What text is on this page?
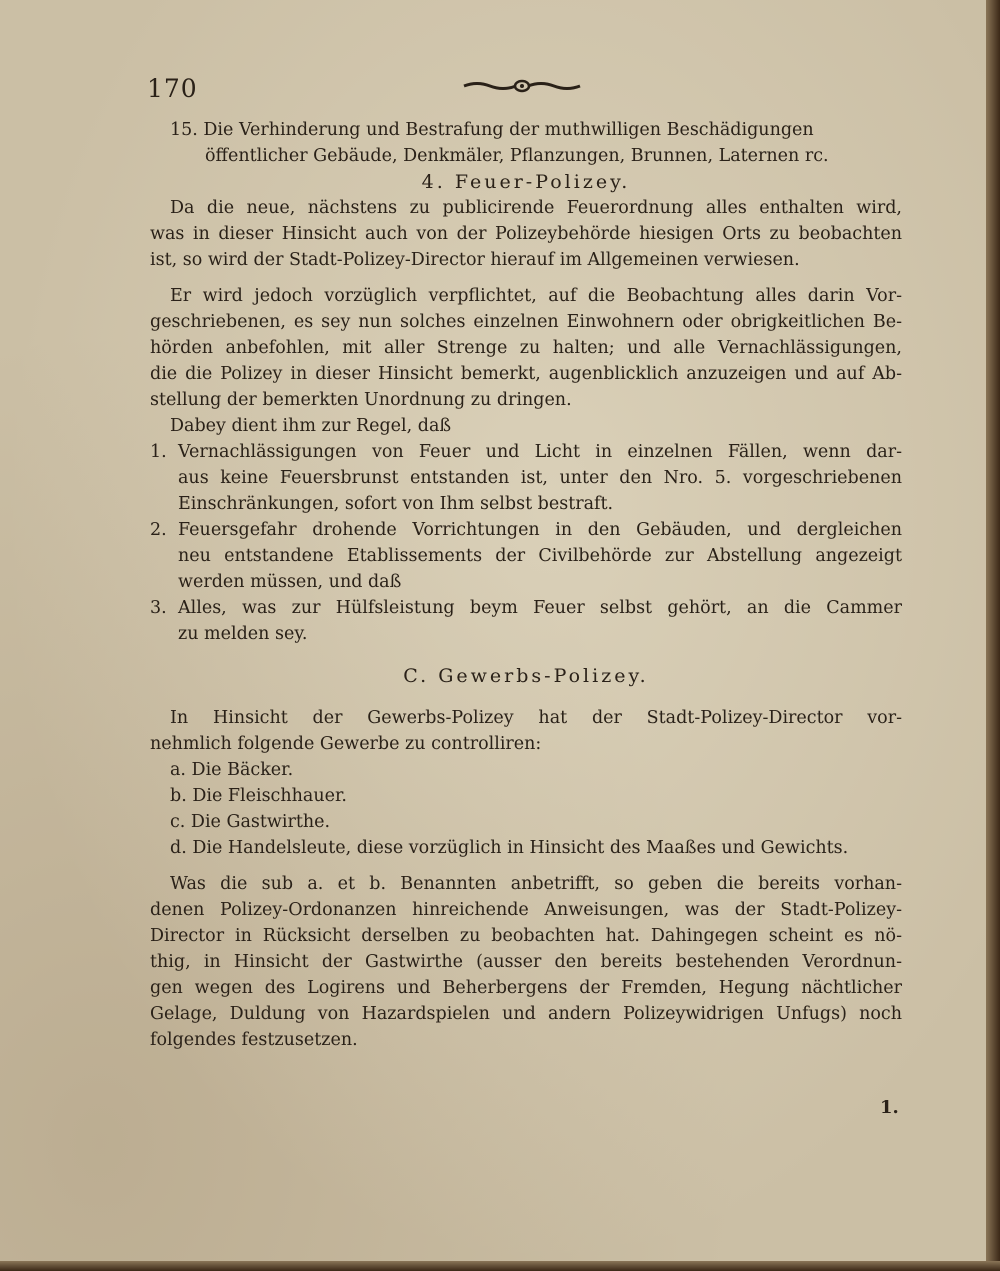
170
15. Die Verhinderung und Bestrafung der muthwilligen Beschädigungen
öffentlicher Gebäude, Denkmäler, Pflanzungen, Brunnen, Laternen rc.
4. Feuer-Polizey.
Da die neue, nächstens zu publicirende Feuerordnung alles enthalten wird,
was in dieser Hinsicht auch von der Polizeybehörde hiesigen Orts zu beobachten
ist, so wird der Stadt-Polizey-Director hierauf im Allgemeinen verwiesen.
Er wird jedoch vorzüglich verpflichtet, auf die Beobachtung alles darin Vor-
geschriebenen, es sey nun solches einzelnen Einwohnern oder obrigkeitlichen Be-
hörden anbefohlen, mit aller Strenge zu halten; und alle Vernachlässigungen,
die die Polizey in dieser Hinsicht bemerkt, augenblicklich anzuzeigen und auf Ab-
stellung der bemerkten Unordnung zu dringen.
Dabey dient ihm zur Regel, daß
1. Vernachlässigungen von Feuer und Licht in einzelnen Fällen, wenn dar-
aus keine Feuersbrunst entstanden ist, unter den Nro. 5. vorgeschriebenen
Einschränkungen, sofort von Ihm selbst bestraft.
2. Feuersgefahr drohende Vorrichtungen in den Gebäuden, und dergleichen
neu entstandene Etablissements der Civilbehörde zur Abstellung angezeigt
werden müssen, und daß
3. Alles, was zur Hülfsleistung beym Feuer selbst gehört, an die Cammer
zu melden sey.
C. Gewerbs-Polizey.
In Hinsicht der Gewerbs-Polizey hat der Stadt-Polizey-Director vor-
nehmlich folgende Gewerbe zu controlliren:
a. Die Bäcker.
b. Die Fleischhauer.
c. Die Gastwirthe.
d. Die Handelsleute, diese vorzüglich in Hinsicht des Maaßes und Gewichts.
Was die sub a. et b. Benannten anbetrifft, so geben die bereits vorhan-
denen Polizey-Ordonanzen hinreichende Anweisungen, was der Stadt-Polizey-
Director in Rücksicht derselben zu beobachten hat. Dahingegen scheint es nö-
thig, in Hinsicht der Gastwirthe (ausser den bereits bestehenden Verordnun-
gen wegen des Logirens und Beherbergens der Fremden, Hegung nächtlicher
Gelage, Duldung von Hazardspielen und andern Polizeywidrigen Unfugs) noch
folgendes festzusetzen.
1.
